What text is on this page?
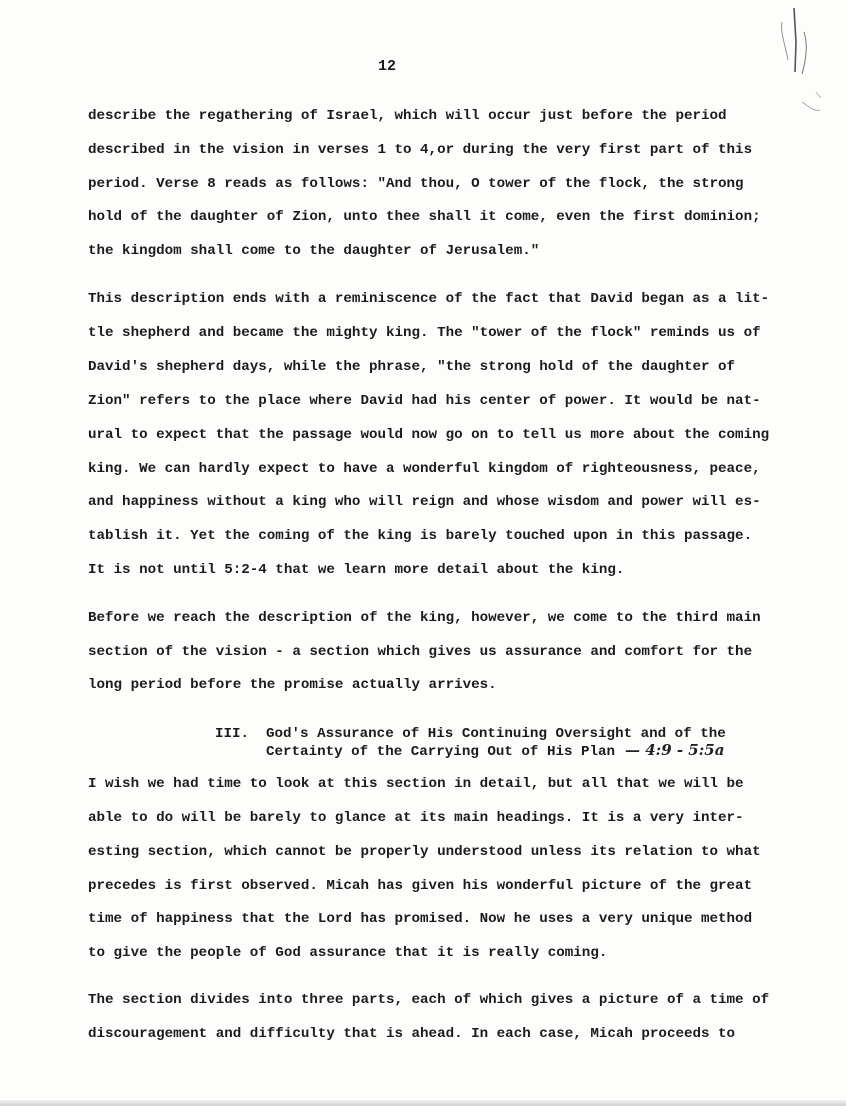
12

describe the regathering of Israel, which will occur just before the period

described in the vision in verses 1 to 4,or during the very first part of this

period. Verse 8 reads as follows: "And thou, O tower of the flock, the strong

hold of the daughter of Zion, unto thee shall it come, even the first dominion;

the kingdom shall come to the daughter of Jerusalem."

This description ends with a reminiscence of the fact that David began as a lit-

tle shepherd and became the mighty king. The "tower of the flock" reminds us of

David's shepherd days, while the phrase, "the strong hold of the daughter of

Zion" refers to the place where David had his center of power. It would be nat-

ural to expect that the passage would now go on to tell us more about the coming

king. We can hardly expect to have a wonderful kingdom of righteousness, peace,

and happiness without a king who will reign and whose wisdom and power will es-

tablish it. Yet the coming of the king is barely touched upon in this passage.

It is not until 5:2-4 that we learn more detail about the king.

Before we reach the description of the king, however, we come to the third main

section of the vision - a section which gives us assurance and comfort for the

long period before the promise actually arrives.

III.

God's Assurance of His Continuing Oversight and of the

Certainty of the Carrying Out of His Plan

— 4:9 - 5:5a

I wish we had time to look at this section in detail, but all that we will be

able to do will be barely to glance at its main headings. It is a very inter-

esting section, which cannot be properly understood unless its relation to what

precedes is first observed. Micah has given his wonderful picture of the great

time of happiness that the Lord has promised. Now he uses a very unique method

to give the people of God assurance that it is really coming.

The section divides into three parts, each of which gives a picture of a time of

discouragement and difficulty that is ahead. In each case, Micah proceeds to
